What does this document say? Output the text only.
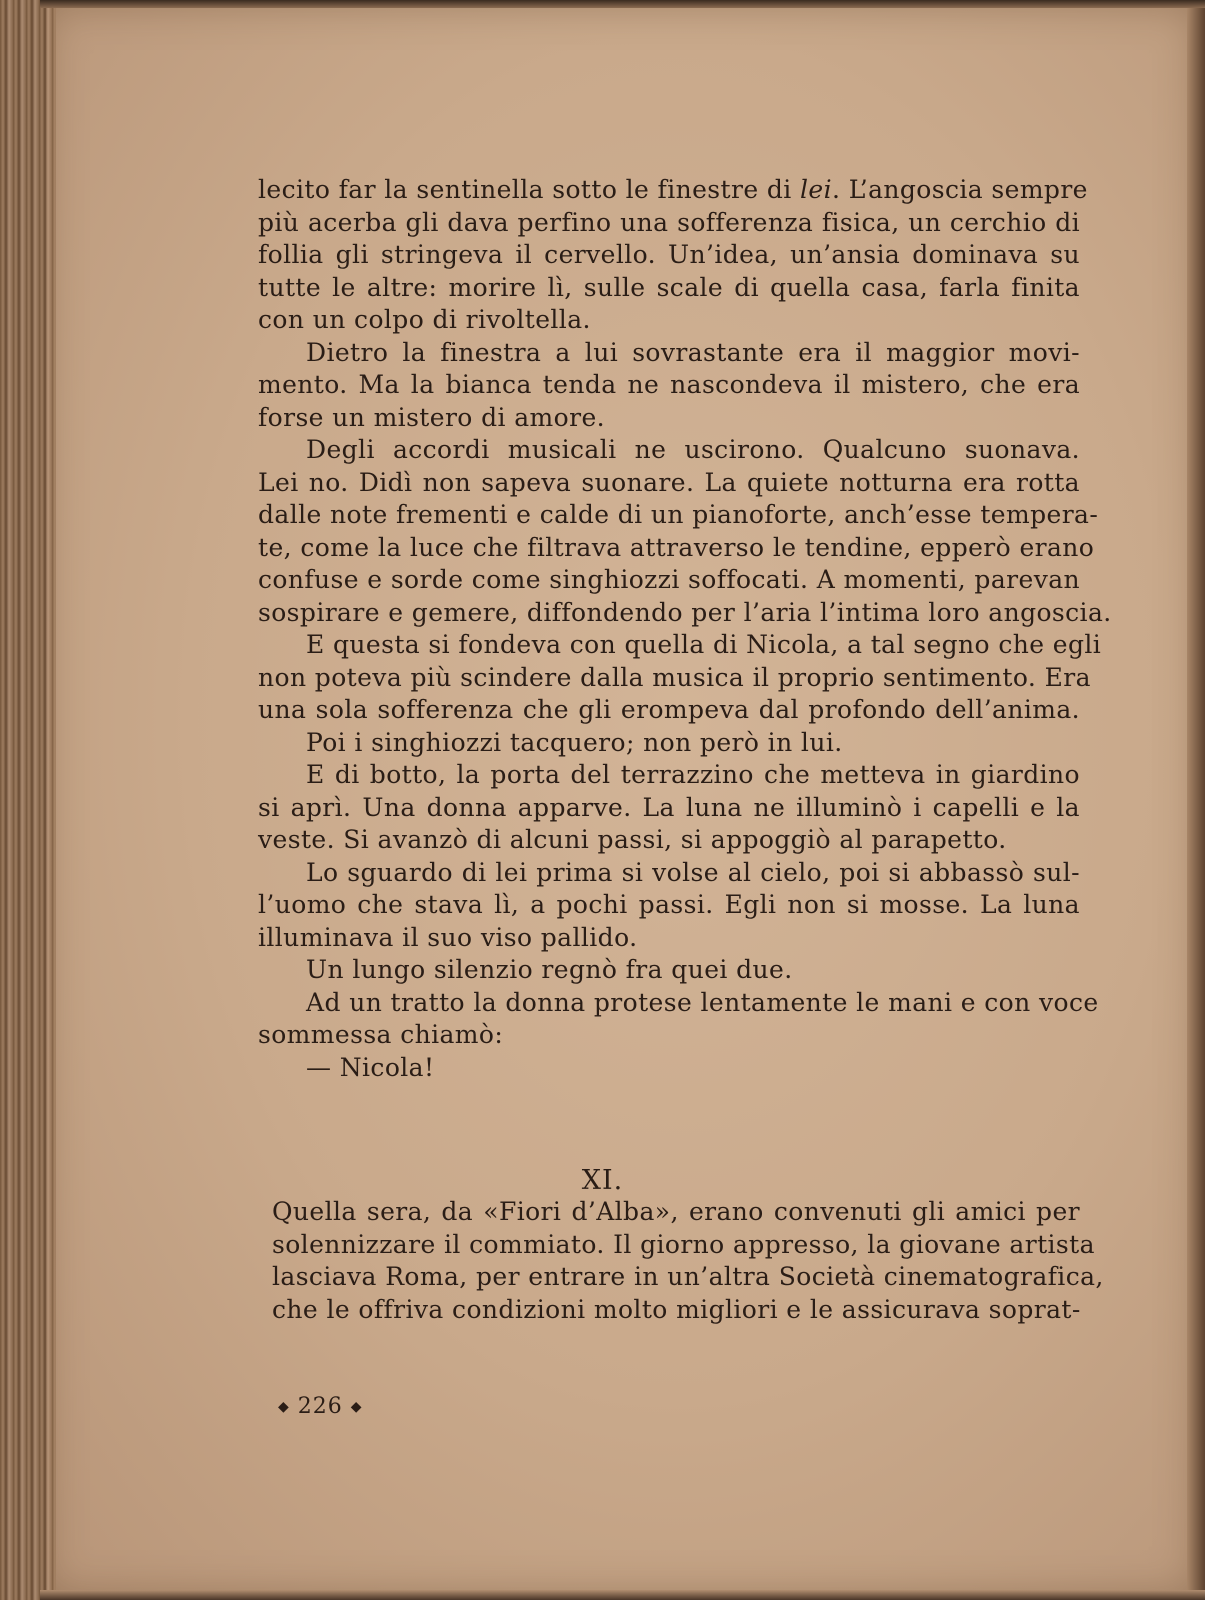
lecito far la sentinella sotto le finestre di lei. L’angoscia sempre
più acerba gli dava perfino una sofferenza fisica, un cerchio di
follia gli stringeva il cervello. Un’idea, un’ansia dominava su
tutte le altre: morire lì, sulle scale di quella casa, farla finita
con un colpo di rivoltella.
Dietro la finestra a lui sovrastante era il maggior movi-
mento. Ma la bianca tenda ne nascondeva il mistero, che era
forse un mistero di amore.
Degli accordi musicali ne uscirono. Qualcuno suonava.
Lei no. Didì non sapeva suonare. La quiete notturna era rotta
dalle note frementi e calde di un pianoforte, anch’esse tempera-
te, come la luce che filtrava attraverso le tendine, epperò erano
confuse e sorde come singhiozzi soffocati. A momenti, parevan
sospirare e gemere, diffondendo per l’aria l’intima loro angoscia.
E questa si fondeva con quella di Nicola, a tal segno che egli
non poteva più scindere dalla musica il proprio sentimento. Era
una sola sofferenza che gli erompeva dal profondo dell’anima.
Poi i singhiozzi tacquero; non però in lui.
E di botto, la porta del terrazzino che metteva in giardino
si aprì. Una donna apparve. La luna ne illuminò i capelli e la
veste. Si avanzò di alcuni passi, si appoggiò al parapetto.
Lo sguardo di lei prima si volse al cielo, poi si abbassò sul-
l’uomo che stava lì, a pochi passi. Egli non si mosse. La luna
illuminava il suo viso pallido.
Un lungo silenzio regnò fra quei due.
Ad un tratto la donna protese lentamente le mani e con voce
sommessa chiamò:
— Nicola!
XI.
Quella sera, da «Fiori d’Alba», erano convenuti gli amici per
solennizzare il commiato. Il giorno appresso, la giovane artista
lasciava Roma, per entrare in un’altra Società cinematografica,
che le offriva condizioni molto migliori e le assicurava soprat-
◆ 226 ◆
